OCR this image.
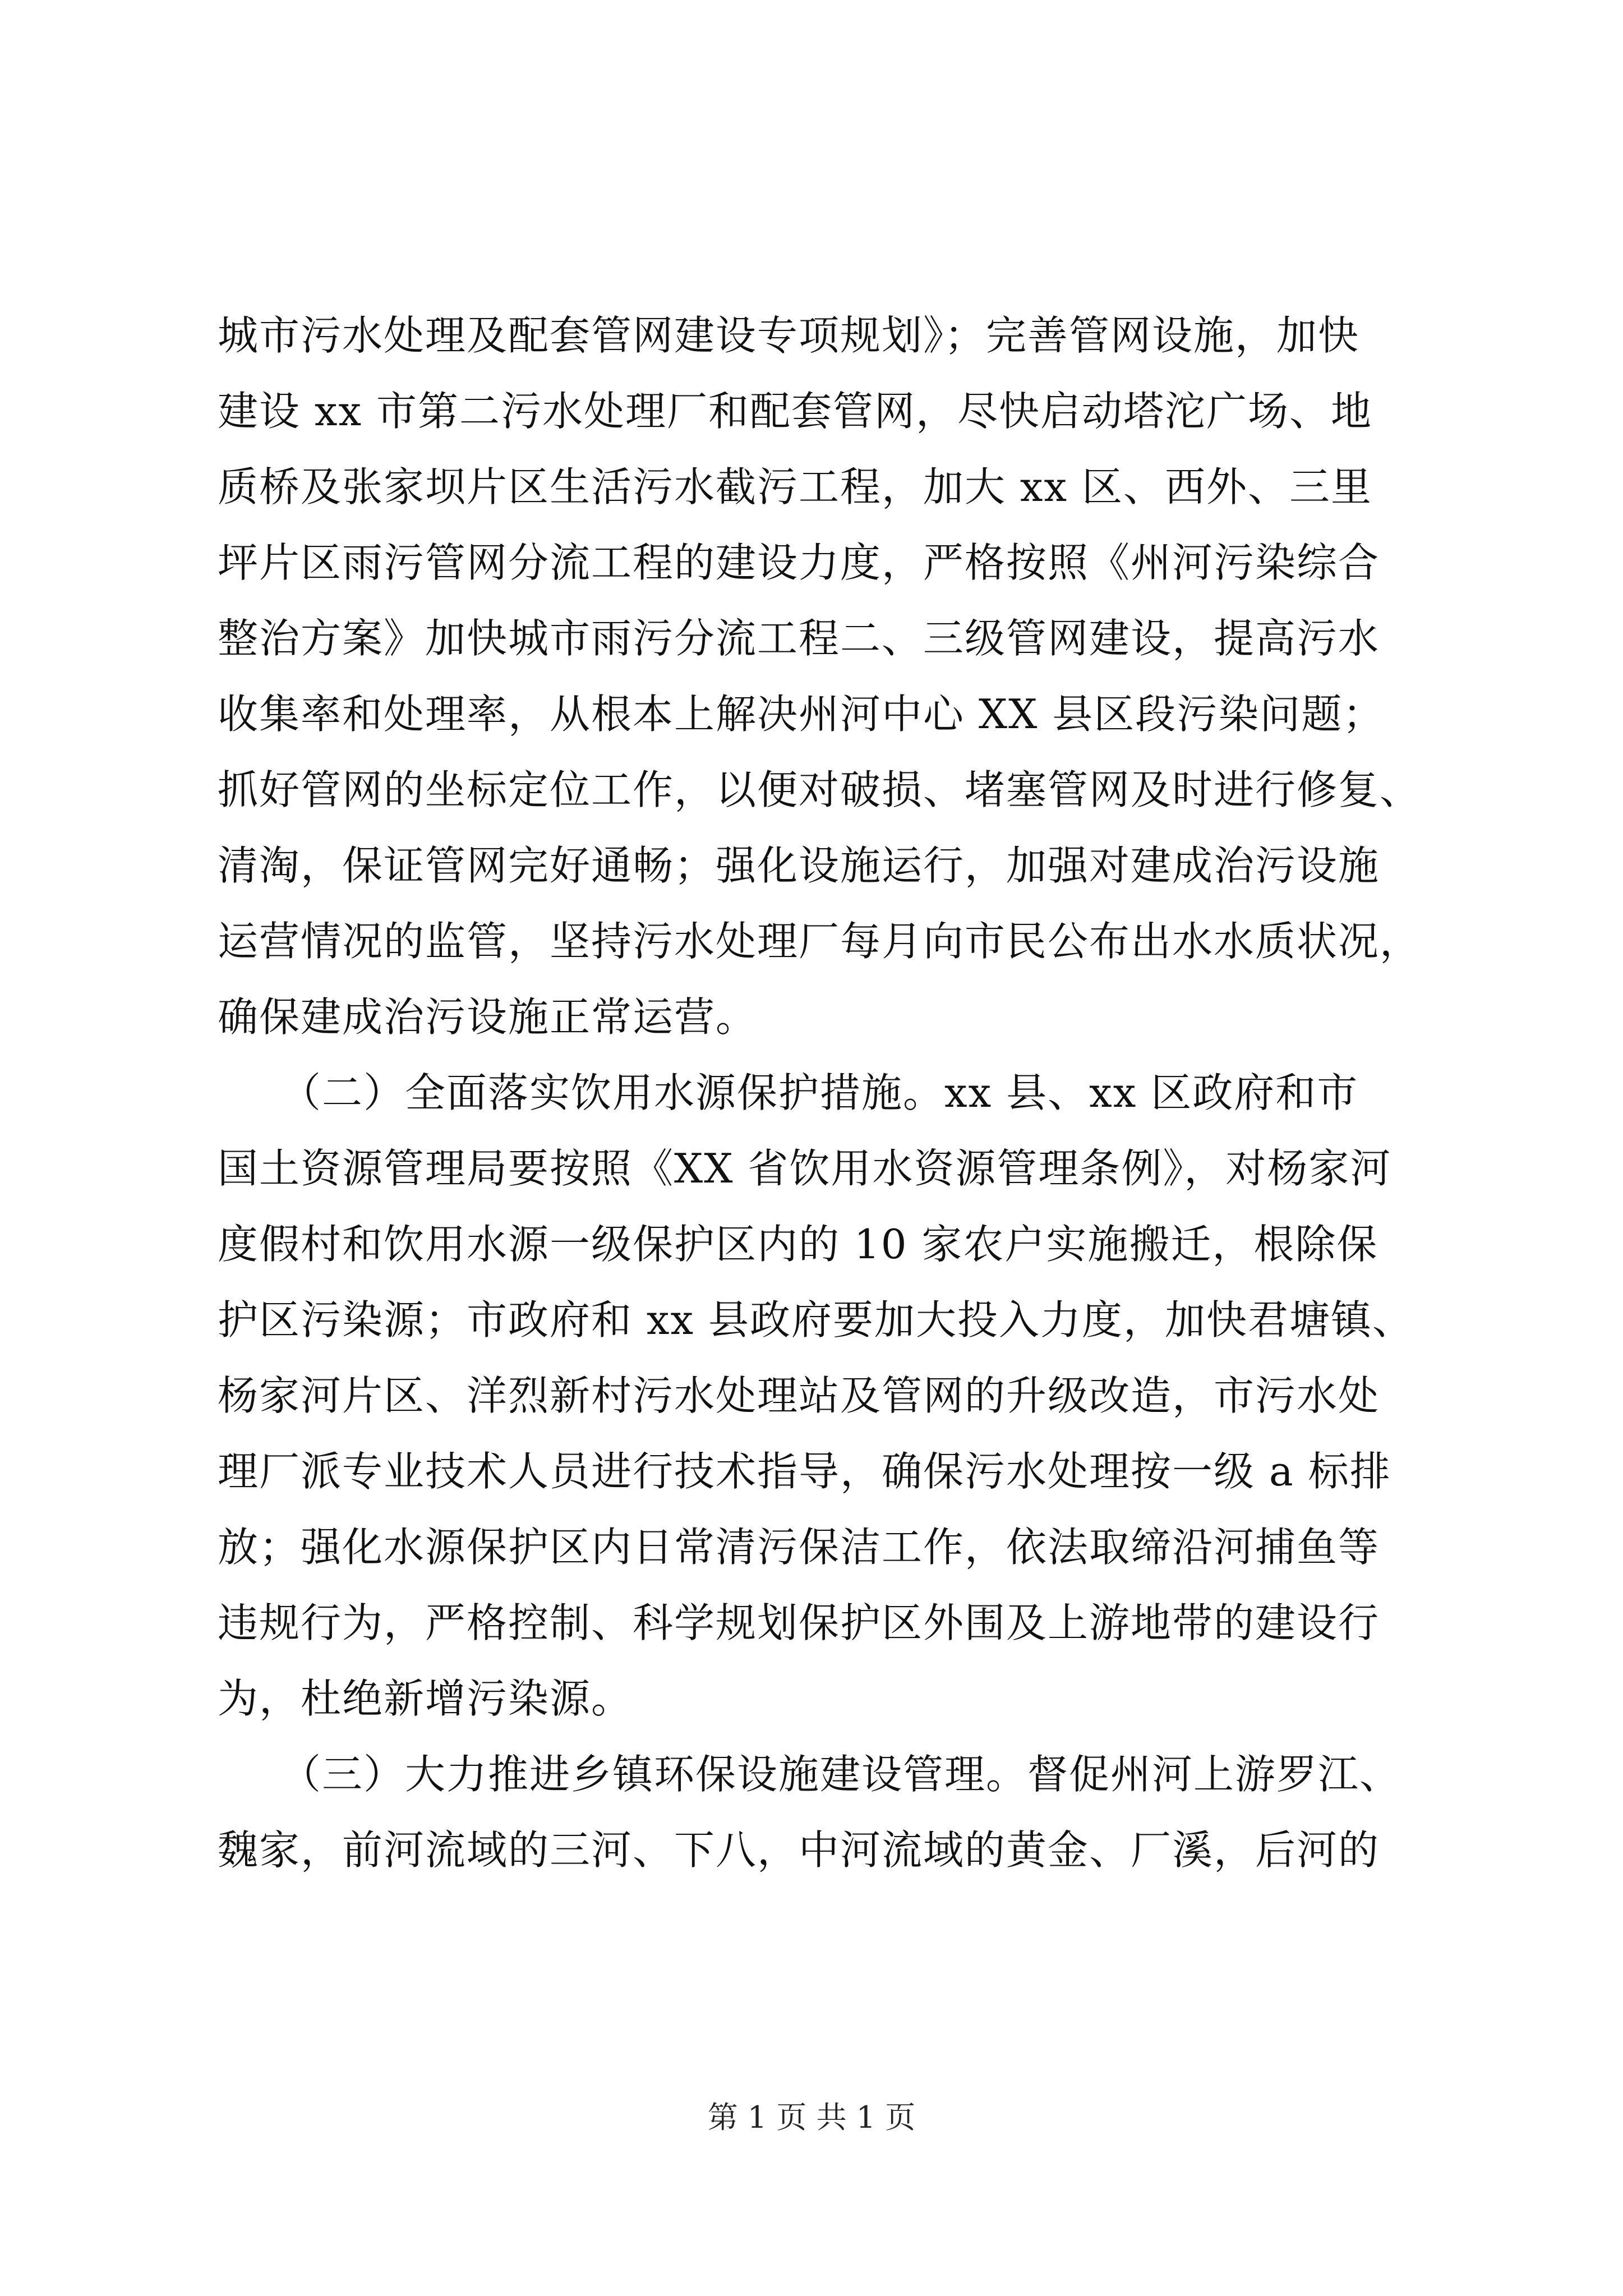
城市污水处理及配套管网建设专项规划》；完善管网设施，加快
建设 xx 市第二污水处理厂和配套管网，尽快启动塔沱广场、地
质桥及张家坝片区生活污水截污工程，加大 xx 区、西外、三里
坪片区雨污管网分流工程的建设力度，严格按照《州河污染综合
整治方案》加快城市雨污分流工程二、三级管网建设，提高污水
收集率和处理率，从根本上解决州河中心 XX 县区段污染问题；
抓好管网的坐标定位工作，以便对破损、堵塞管网及时进行修复、
清淘，保证管网完好通畅；强化设施运行，加强对建成治污设施
运营情况的监管，坚持污水处理厂每月向市民公布出水水质状况，
确保建成治污设施正常运营。
　　（二）全面落实饮用水源保护措施。xx 县、xx 区政府和市
国土资源管理局要按照《XX 省饮用水资源管理条例》，对杨家河
度假村和饮用水源一级保护区内的 10 家农户实施搬迁，根除保
护区污染源；市政府和 xx 县政府要加大投入力度，加快君塘镇、
杨家河片区、洋烈新村污水处理站及管网的升级改造，市污水处
理厂派专业技术人员进行技术指导，确保污水处理按一级 a 标排
放；强化水源保护区内日常清污保洁工作，依法取缔沿河捕鱼等
违规行为，严格控制、科学规划保护区外围及上游地带的建设行
为，杜绝新增污染源。
　　（三）大力推进乡镇环保设施建设管理。督促州河上游罗江、
魏家，前河流域的三河、下八，中河流域的黄金、厂溪，后河的
第 1 页 共 1 页
